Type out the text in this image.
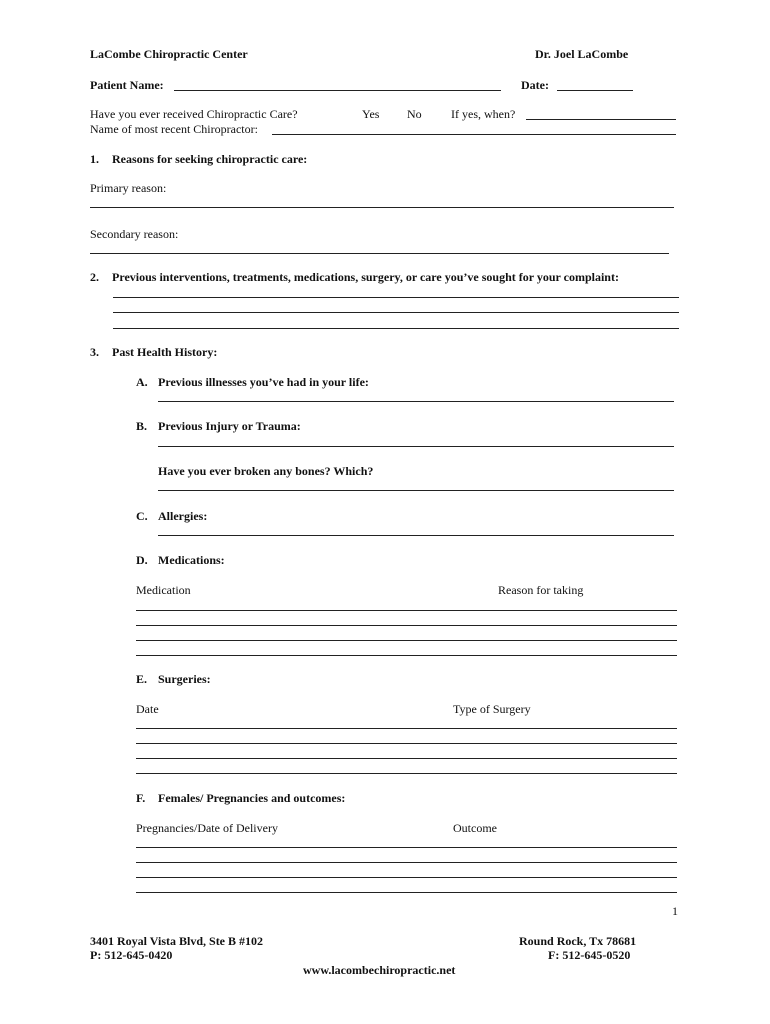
LaCombe Chiropractic Center	Dr. Joel LaCombe
Patient Name:	Date:
Have you ever received Chiropractic Care?	Yes No If yes, when?
Name of most recent Chiropractor:
1. Reasons for seeking chiropractic care:
Primary reason:
Secondary reason:
2. Previous interventions, treatments, medications, surgery, or care you’ve sought for your complaint:
3. Past Health History:
A. Previous illnesses you’ve had in your life:
B. Previous Injury or Trauma:
Have you ever broken any bones? Which?
C. Allergies:
D. Medications:
Medication	Reason for taking
E. Surgeries:
Date	Type of Surgery
F. Females/ Pregnancies and outcomes:
Pregnancies/Date of Delivery	Outcome
1
3401 Royal Vista Blvd, Ste B #102
P: 512-645-0420
Round Rock, Tx 78681
F: 512-645-0520
www.lacombechiropractic.net
